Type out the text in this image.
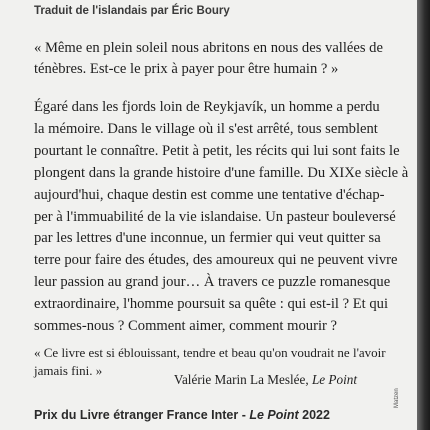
Traduit de l'islandais par Éric Boury
« Même en plein soleil nous abritons en nous des vallées de
ténèbres. Est-ce le prix à payer pour être humain ? »
Égaré dans les fjords loin de Reykjavík, un homme a perdu
la mémoire. Dans le village où il s'est arrêté, tous semblent
pourtant le connaître. Petit à petit, les récits qui lui sont faits le
plongent dans la grande histoire d'une famille. Du XIXe siècle à
aujourd'hui, chaque destin est comme une tentative d'échap-
per à l'immuabilité de la vie islandaise. Un pasteur bouleversé
par les lettres d'une inconnue, un fermier qui veut quitter sa
terre pour faire des études, des amoureux qui ne peuvent vivre
leur passion au grand jour… À travers ce puzzle romanesque
extraordinaire, l'homme poursuit sa quête : qui est-il ? Et qui
sommes-nous ? Comment aimer, comment mourir ?
« Ce livre est si éblouissant, tendre et beau qu'on voudrait ne l'avoir
jamais fini. »
Valérie Marin La Meslée, Le Point
Prix du Livre étranger France Inter - Le Point 2022
Matzen
